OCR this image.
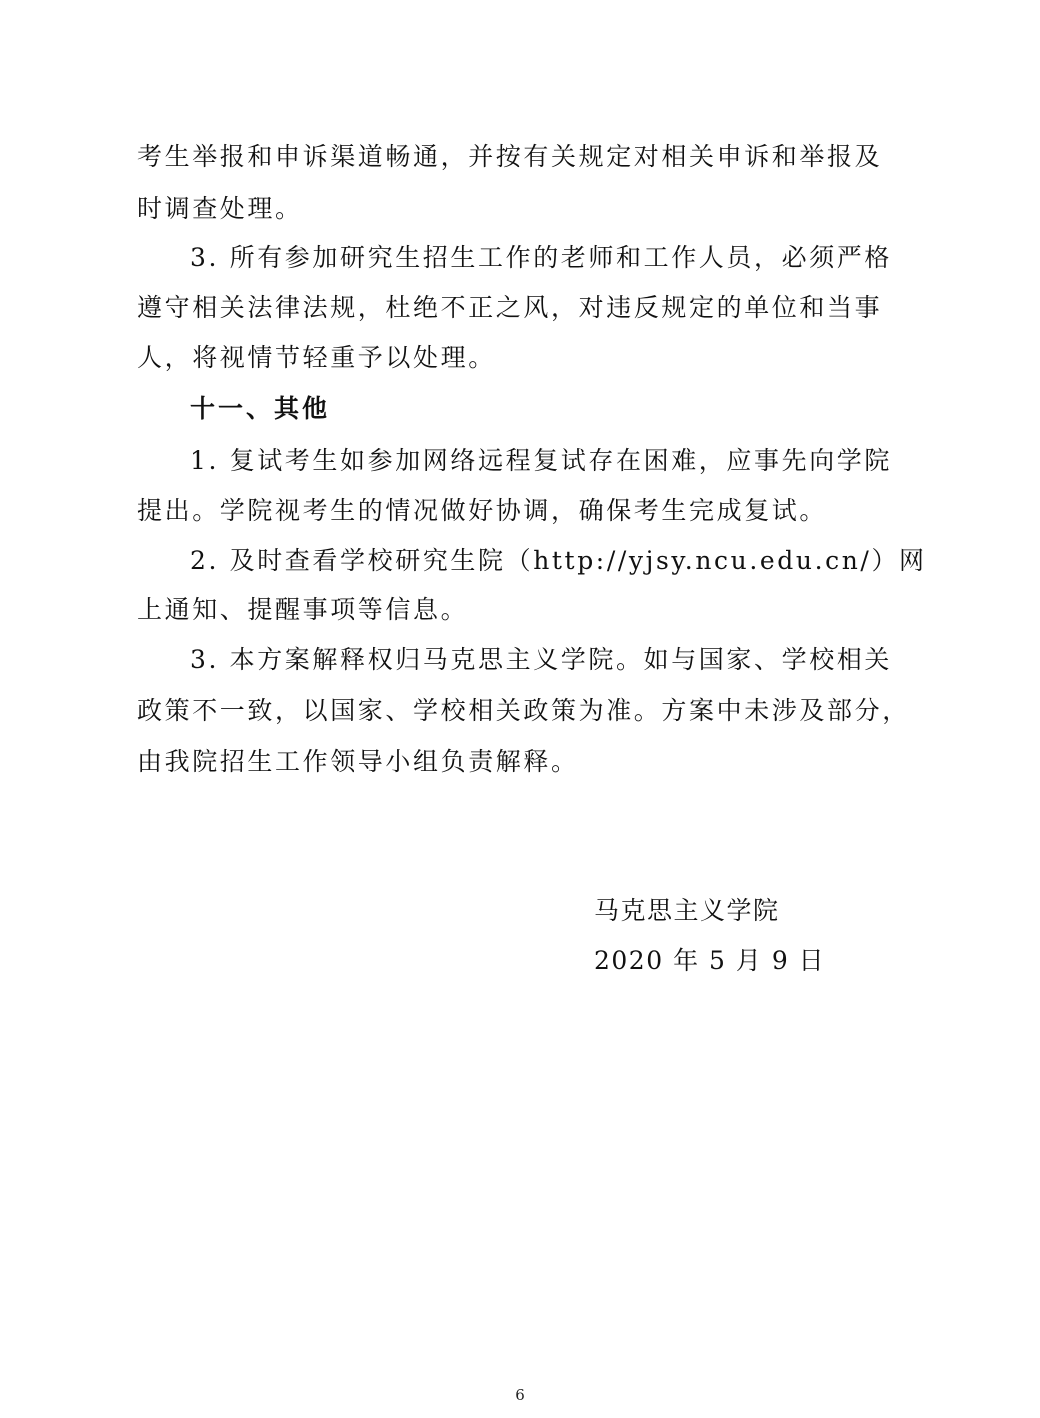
考生举报和申诉渠道畅通，并按有关规定对相关申诉和举报及
时调查处理。
3. 所有参加研究生招生工作的老师和工作人员，必须严格
遵守相关法律法规，杜绝不正之风，对违反规定的单位和当事
人，将视情节轻重予以处理。
十一、其他
1. 复试考生如参加网络远程复试存在困难，应事先向学院
提出。学院视考生的情况做好协调，确保考生完成复试。
2. 及时查看学校研究生院（http://yjsy.ncu.edu.cn/）网
上通知、提醒事项等信息。
3. 本方案解释权归马克思主义学院。如与国家、学校相关
政策不一致，以国家、学校相关政策为准。方案中未涉及部分，
由我院招生工作领导小组负责解释。
马克思主义学院
2020 年 5 月 9 日
6
